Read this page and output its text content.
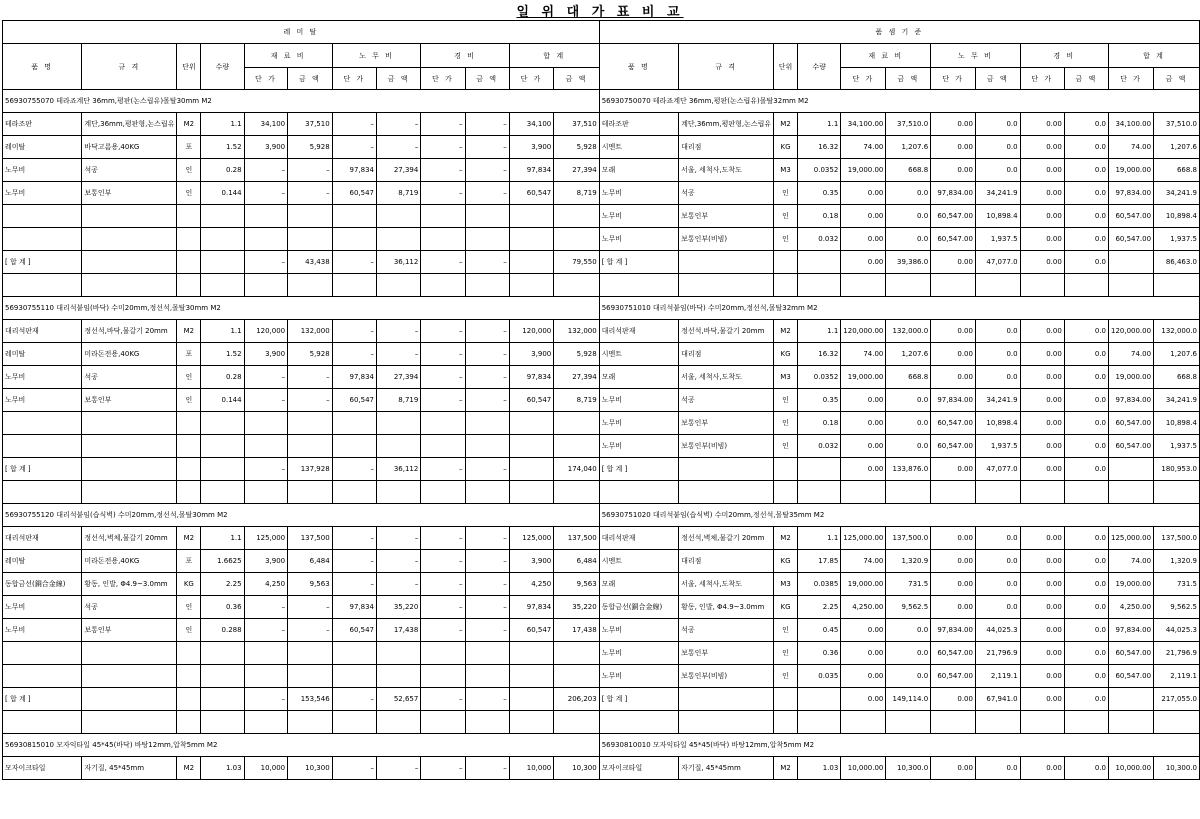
일 위 대 가 표 비 교
레 미 탈												품 셈 기 준											
품 명	규 격	단위	수량	재 료 비		노 무 비		경 비		합 계		품 명	규 격	단위	수량	재 료 비		노 무 비		경 비		합 계	
				단 가	금 액	단 가	금 액	단 가	금 액	단 가	금 액					단 가	금 액	단 가	금 액	단 가	금 액	단 가	금 액
56930755070 테라죠계단 36mm,평판(논스립유)몰탈30mm M2												56930750070 테라죠계단 36mm,평판(논스립유)몰탈32mm M2											
테라조판	계단,36mm,평판형,논스립유	M2	1.1	34,100	37,510	–	–	–	–	34,100	37,510	테라조판	계단,36mm,평판형,논스립유	M2	1.1	34,100.00	37,510.0	0.00	0.0	0.00	0.0	34,100.00	37,510.0
레미탈	바닥고름용,40KG	포	1.52	3,900	5,928	–	–	–	–	3,900	5,928	시멘트	대리점	KG	16.32	74.00	1,207.6	0.00	0.0	0.00	0.0	74.00	1,207.6
노무비	석공	인	0.28	–	–	97,834	27,394	–	–	97,834	27,394	모래	서울, 세척사,도착도	M3	0.0352	19,000.00	668.8	0.00	0.0	0.00	0.0	19,000.00	668.8
노무비	보통인부	인	0.144	–	–	60,547	8,719	–	–	60,547	8,719	노무비	석공	인	0.35	0.00	0.0	97,834.00	34,241.9	0.00	0.0	97,834.00	34,241.9
												노무비	보통인부	인	0.18	0.00	0.0	60,547.00	10,898.4	0.00	0.0	60,547.00	10,898.4
												노무비	보통인부(비빔)	인	0.032	0.00	0.0	60,547.00	1,937.5	0.00	0.0	60,547.00	1,937.5
[ 합 계 ]				–	43,438	–	36,112	–	–		79,550	[ 합 계 ]				0.00	39,386.0	0.00	47,077.0	0.00	0.0		86,463.0

56930755110 대리석붙임(바닥) 수미20mm,정선석,몰탈30mm M2												56930751010 대리석붙임(바닥) 수미20mm,정선석,몰탈32mm M2											
대리석판재	정선석,바닥,물갈기 20mm	M2	1.1	120,000	132,000	–	–	–	–	120,000	132,000	대리석판재	정선석,바닥,물갈기 20mm	M2	1.1	120,000.00	132,000.0	0.00	0.0	0.00	0.0	120,000.00	132,000.0
레미탈	미라돈전용,40KG	포	1.52	3,900	5,928	–	–	–	–	3,900	5,928	시멘트	대리점	KG	16.32	74.00	1,207.6	0.00	0.0	0.00	0.0	74.00	1,207.6
노무비	석공	인	0.28	–	–	97,834	27,394	–	–	97,834	27,394	모래	서울, 세척사,도착도	M3	0.0352	19,000.00	668.8	0.00	0.0	0.00	0.0	19,000.00	668.8
노무비	보통인부	인	0.144	–	–	60,547	8,719	–	–	60,547	8,719	노무비	석공	인	0.35	0.00	0.0	97,834.00	34,241.9	0.00	0.0	97,834.00	34,241.9
												노무비	보통인부	인	0.18	0.00	0.0	60,547.00	10,898.4	0.00	0.0	60,547.00	10,898.4
												노무비	보통인부(비빔)	인	0.032	0.00	0.0	60,547.00	1,937.5	0.00	0.0	60,547.00	1,937.5
[ 합 계 ]				–	137,928	–	36,112	–	–		174,040	[ 합 계 ]				0.00	133,876.0	0.00	47,077.0	0.00	0.0		180,953.0

56930755120 대리석붙임(습식벽) 수미20mm,정선석,몰탈30mm M2												56930751020 대리석붙임(습식벽) 수미20mm,정선석,몰탈35mm M2											
대리석판재	정선석,벽체,물갈기 20mm	M2	1.1	125,000	137,500	–	–	–	–	125,000	137,500	대리석판재	정선석,벽체,물갈기 20mm	M2	1.1	125,000.00	137,500.0	0.00	0.0	0.00	0.0	125,000.00	137,500.0
레미탈	미라돈전용,40KG	포	1.6625	3,900	6,484	–	–	–	–	3,900	6,484	시멘트	대리점	KG	17.85	74.00	1,320.9	0.00	0.0	0.00	0.0	74.00	1,320.9
동합금선(銅合金線)	황동, 인발, Φ4.9~3.0mm	KG	2.25	4,250	9,563	–	–	–	–	4,250	9,563	모래	서울, 세척사,도착도	M3	0.0385	19,000.00	731.5	0.00	0.0	0.00	0.0	19,000.00	731.5
노무비	석공	인	0.36	–	–	97,834	35,220	–	–	97,834	35,220	동합금선(銅合金線)	황동, 인발, Φ4.9~3.0mm	KG	2.25	4,250.00	9,562.5	0.00	0.0	0.00	0.0	4,250.00	9,562.5
노무비	보통인부	인	0.288	–	–	60,547	17,438	–	–	60,547	17,438	노무비	석공	인	0.45	0.00	0.0	97,834.00	44,025.3	0.00	0.0	97,834.00	44,025.3
												노무비	보통인부	인	0.36	0.00	0.0	60,547.00	21,796.9	0.00	0.0	60,547.00	21,796.9
												노무비	보통인부(비빔)	인	0.035	0.00	0.0	60,547.00	2,119.1	0.00	0.0	60,547.00	2,119.1
[ 합 계 ]				–	153,546	–	52,657	–	–		206,203	[ 합 계 ]				0.00	149,114.0	0.00	67,941.0	0.00	0.0		217,055.0

56930815010 모자익타일 45*45(바닥) 바탕12mm,압착5mm M2												56930810010 모자익타일 45*45(바닥) 바탕12mm,압착5mm M2											
모자이크타일	자기질, 45*45mm	M2	1.03	10,000	10,300	–	–	–	–	10,000	10,300	모자이크타일	자기질, 45*45mm	M2	1.03	10,000.00	10,300.0	0.00	0.0	0.00	0.0	10,000.00	10,300.0
